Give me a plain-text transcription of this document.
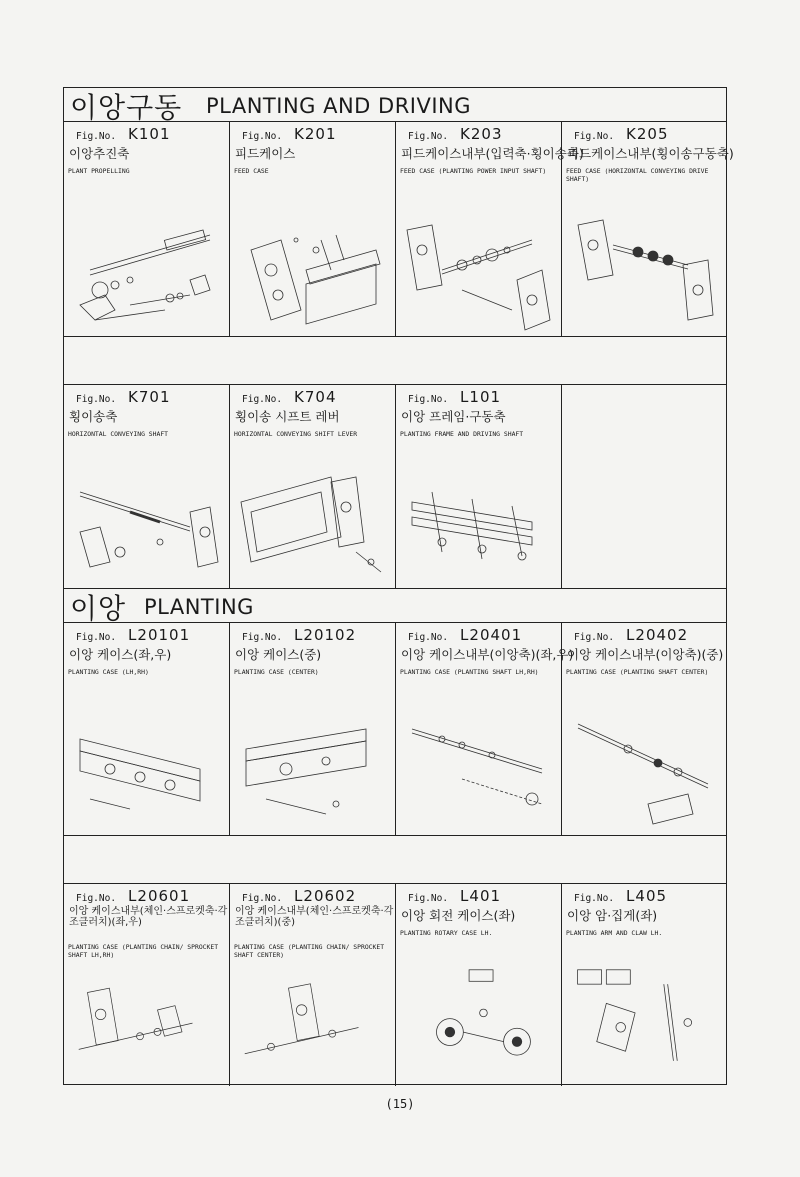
이앙구동 PLANTING AND DRIVING
Fig.No. K101
이앙추진축
PLANT PROPELLING
Fig.No. K201
피드케이스
FEED CASE
Fig.No. K203
피드케이스내부(입력축·횡이송축)
FEED CASE (PLANTING POWER INPUT SHAFT)
Fig.No. K205
피드케이스내부(횡이송구동축)
FEED CASE (HORIZONTAL CONVEYING DRIVE SHAFT)
Fig.No. K701
횡이송축
HORIZONTAL CONVEYING SHAFT
Fig.No. K704
횡이송 시프트 레버
HORIZONTAL CONVEYING SHIFT LEVER
Fig.No. L101
이앙 프레임·구동축
PLANTING FRAME AND DRIVING SHAFT
이앙 PLANTING
Fig.No. L20101
이앙 케이스(좌,우)
PLANTING CASE (LH,RH)
Fig.No. L20102
이앙 케이스(중)
PLANTING CASE (CENTER)
Fig.No. L20401
이앙 케이스내부(이앙축)(좌,우)
PLANTING CASE (PLANTING SHAFT LH,RH)
Fig.No. L20402
이앙 케이스내부(이앙축)(중)
PLANTING CASE (PLANTING SHAFT CENTER)
Fig.No. L20601
이앙 케이스내부(체인·스프로켓축·각조클러치)(좌,우)
PLANTING CASE (PLANTING CHAIN/ SPROCKET SHAFT LH,RH)
Fig.No. L20602
이앙 케이스내부(체인·스프로켓축·각조클러치)(중)
PLANTING CASE (PLANTING CHAIN/ SPROCKET SHAFT CENTER)
Fig.No. L401
이앙 회전 케이스(좌)
PLANTING ROTARY CASE LH.
Fig.No. L405
이앙 암·집게(좌)
PLANTING ARM AND CLAW LH.
(15)
